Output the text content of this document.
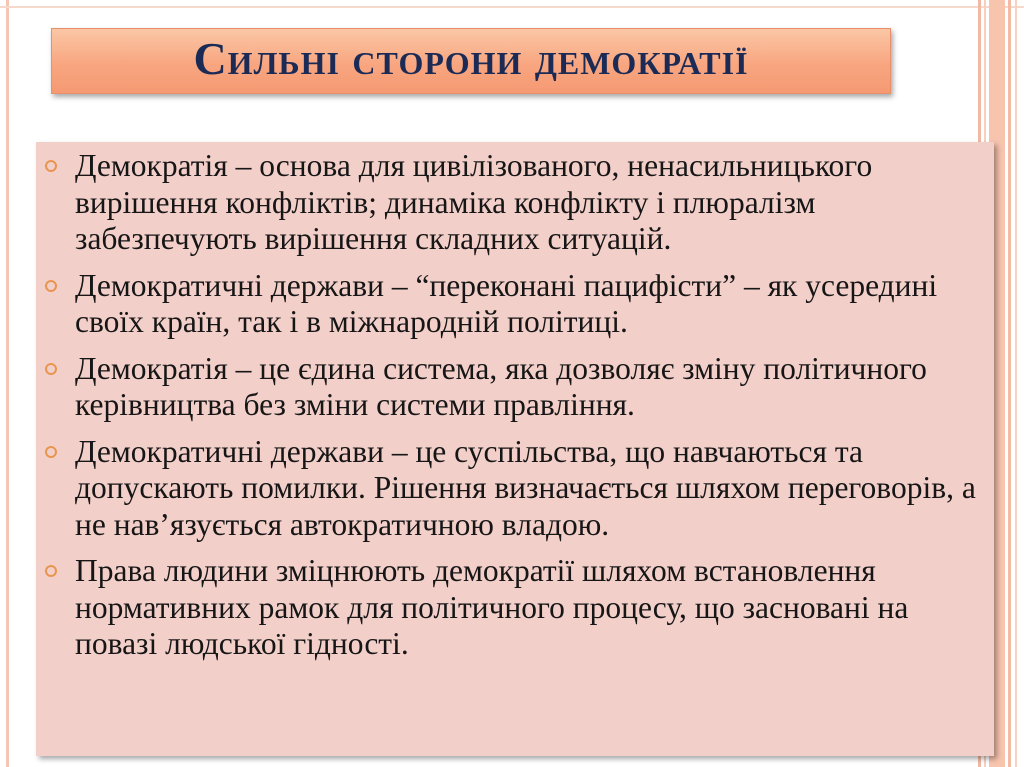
Сильні сторони демократії
Демократія – основа для цивілізованого, ненасильницького вирішення конфліктів; динаміка конфлікту і плюралізм забезпечують вирішення складних ситуацій.
Демократичні держави – “переконані пацифісти” – як усередині своїх країн, так і в міжнародній політиці.
Демократія – це єдина система, яка дозволяє зміну політичного керівництва без зміни системи правління.
Демократичні держави – це суспільства, що навчаються та допускають помилки. Рішення визначається шляхом переговорів, а не нав’язується автократичною владою.
Права людини зміцнюють демократії шляхом встановлення нормативних рамок для політичного процесу, що засновані на повазі людської гідності.
